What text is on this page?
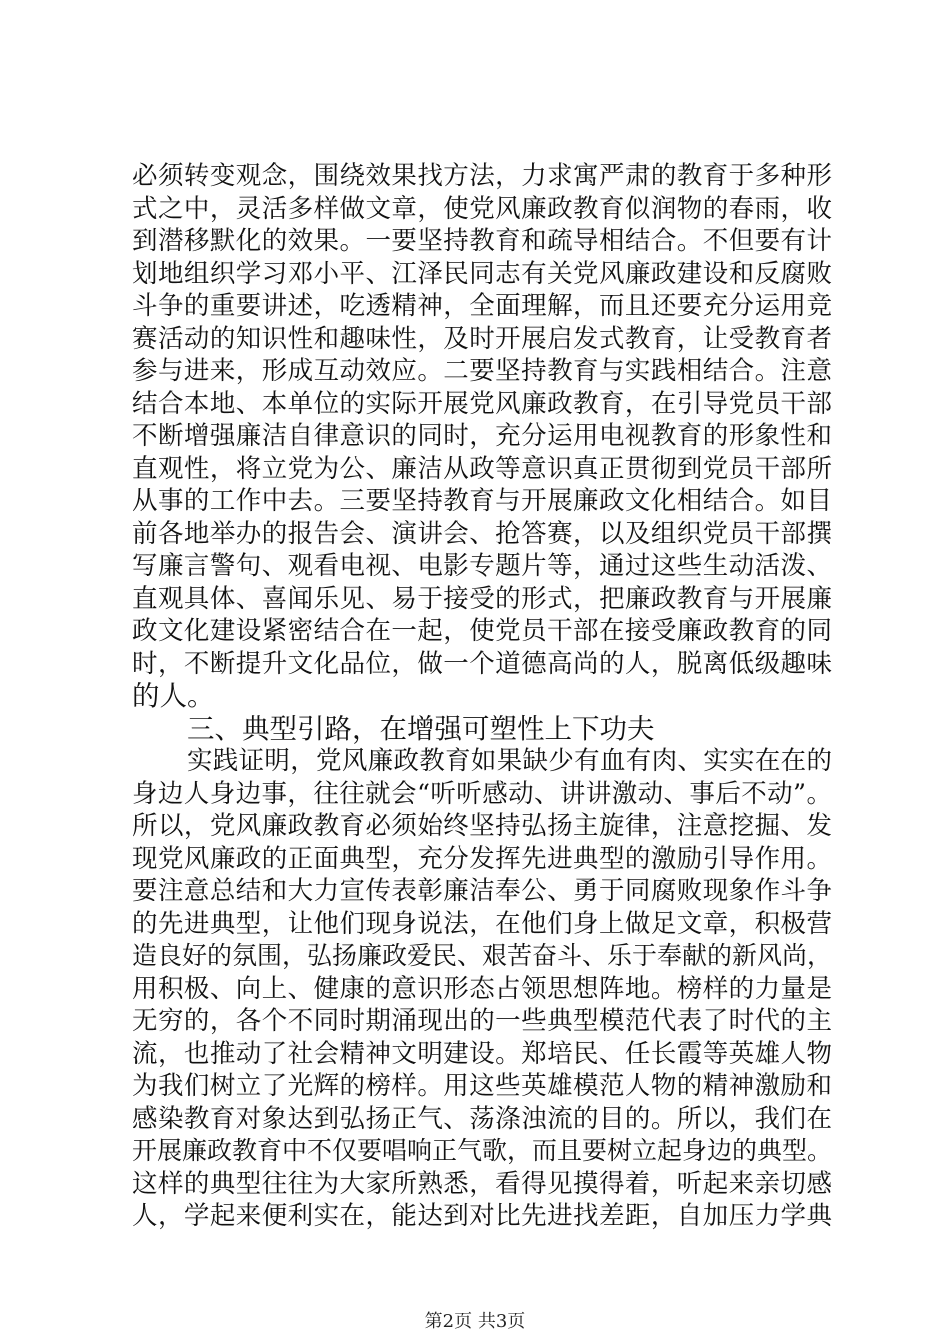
必须转变观念，围绕效果找方法，力求寓严肃的教育于多种形
式之中，灵活多样做文章，使党风廉政教育似润物的春雨，收
到潜移默化的效果。一要坚持教育和疏导相结合。不但要有计
划地组织学习邓小平、江泽民同志有关党风廉政建设和反腐败
斗争的重要讲述，吃透精神，全面理解，而且还要充分运用竞
赛活动的知识性和趣味性，及时开展启发式教育，让受教育者
参与进来，形成互动效应。二要坚持教育与实践相结合。注意
结合本地、本单位的实际开展党风廉政教育，在引导党员干部
不断增强廉洁自律意识的同时，充分运用电视教育的形象性和
直观性，将立党为公、廉洁从政等意识真正贯彻到党员干部所
从事的工作中去。三要坚持教育与开展廉政文化相结合。如目
前各地举办的报告会、演讲会、抢答赛，以及组织党员干部撰
写廉言警句、观看电视、电影专题片等，通过这些生动活泼、
直观具体、喜闻乐见、易于接受的形式，把廉政教育与开展廉
政文化建设紧密结合在一起，使党员干部在接受廉政教育的同
时，不断提升文化品位，做一个道德高尚的人，脱离低级趣味
的人。
三、典型引路，在增强可塑性上下功夫
实践证明，党风廉政教育如果缺少有血有肉、实实在在的
身边人身边事，往往就会“听听感动、讲讲激动、事后不动”。
所以，党风廉政教育必须始终坚持弘扬主旋律，注意挖掘、发
现党风廉政的正面典型，充分发挥先进典型的激励引导作用。
要注意总结和大力宣传表彰廉洁奉公、勇于同腐败现象作斗争
的先进典型，让他们现身说法，在他们身上做足文章，积极营
造良好的氛围，弘扬廉政爱民、艰苦奋斗、乐于奉献的新风尚，
用积极、向上、健康的意识形态占领思想阵地。榜样的力量是
无穷的，各个不同时期涌现出的一些典型模范代表了时代的主
流，也推动了社会精神文明建设。郑培民、任长霞等英雄人物
为我们树立了光辉的榜样。用这些英雄模范人物的精神激励和
感染教育对象达到弘扬正气、荡涤浊流的目的。所以，我们在
开展廉政教育中不仅要唱响正气歌，而且要树立起身边的典型。
这样的典型往往为大家所熟悉，看得见摸得着，听起来亲切感
人，学起来便利实在，能达到对比先进找差距，自加压力学典
第2页 共3页
